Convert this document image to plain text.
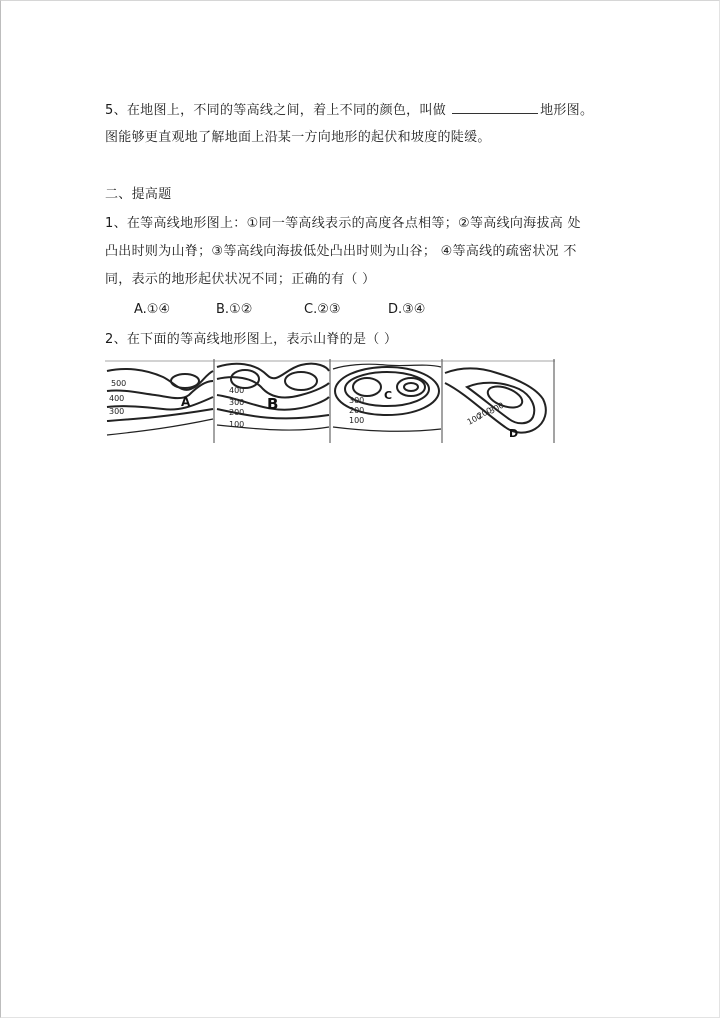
5、在地图上，不同的等高线之间，着上不同的颜色，叫做	地形图。
图能够更直观地了解地面上沿某一方向地形的起伏和坡度的陡缓。
二、提高题
1、在等高线地形图上：①同一等高线表示的高度各点相等；②等高线向海拔高 处
凸出时则为山脊；③等高线向海拔低处凸出时则为山谷； ④等高线的疏密状况 不
同，表示的地形起伏状况不同；正确的有（ ）
A.①④	B.①②	C.②③	D.③④
2、在下面的等高线地形图上，表示山脊的是（ ）
500
400
300
A
400
300
200
100
B	300
200
100
C
300
200
100
D
